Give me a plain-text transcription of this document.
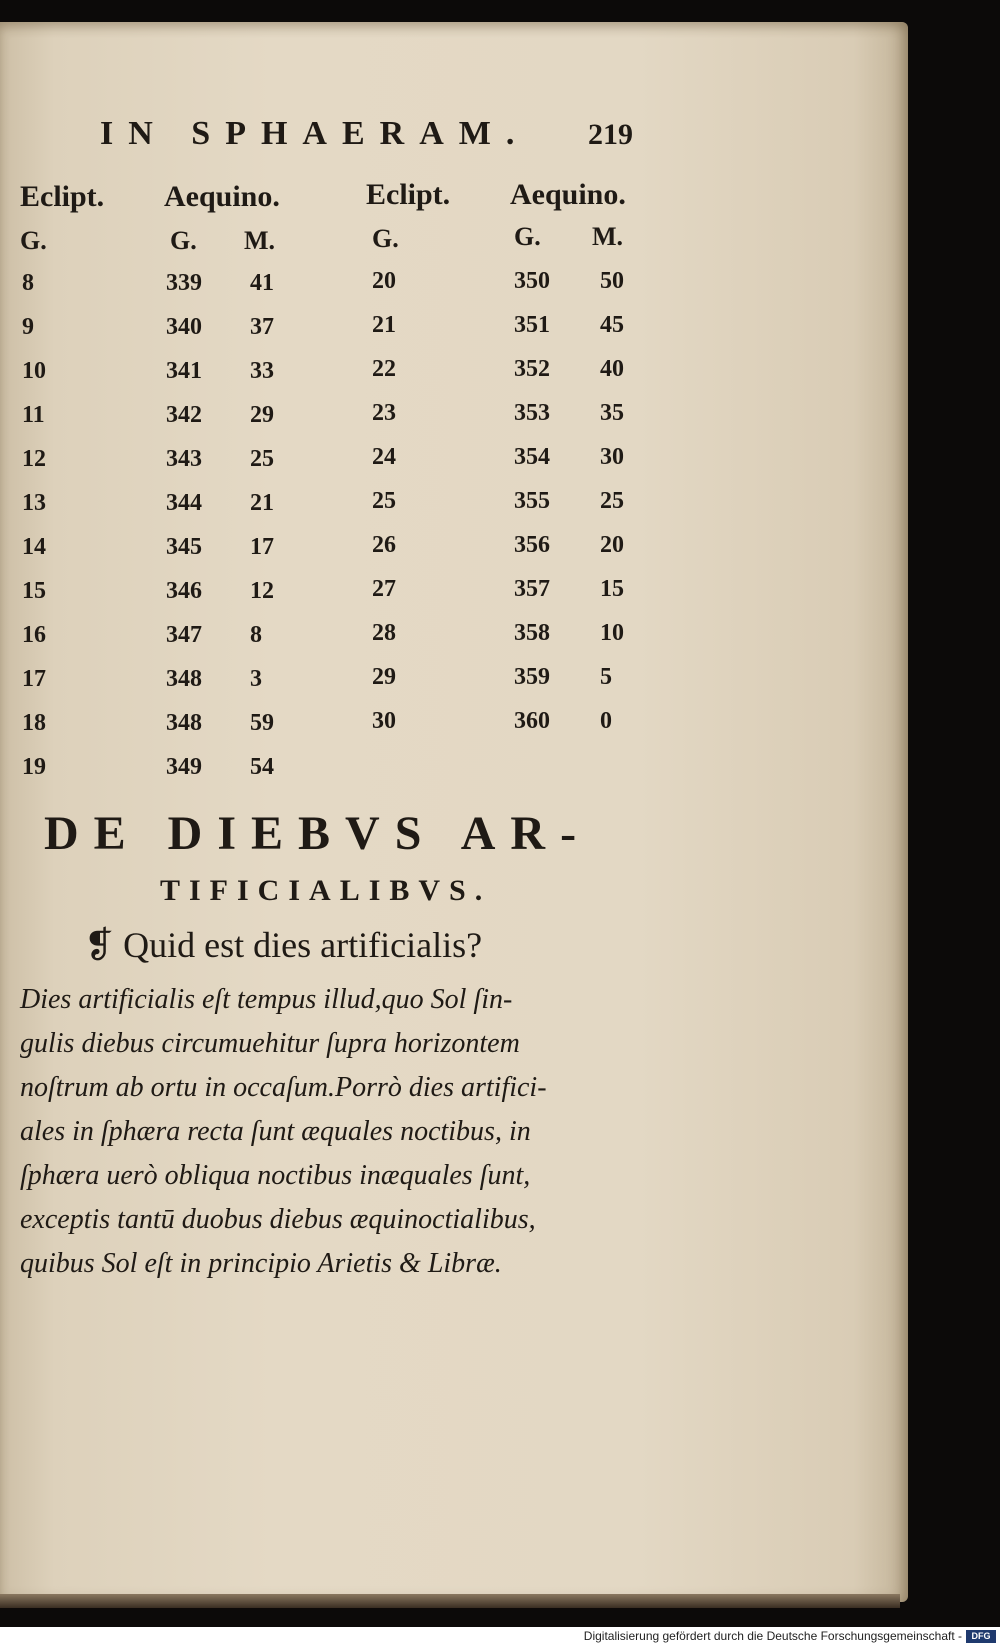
IN SPHAERAM. 219
Eclipt. Aequino.	Eclipt. Aequino.
G.	G. M.	G.	G. M.
8	339 41
9	340 37
10	341 33
11	342 29
12	343 25
13	344 21
14	345 17
15	346 12
16	347 8
17	348 3
18	348 59
19	349 54
20	350 50
21	351 45
22	352 40
23	353 35
24	354 30
25	355 25
26	356 20
27	357 15
28	358 10
29	359 5
30	360 0
DE DIEBVS AR-
TIFICIALIBVS.
❡ Quid est dies artificialis?
Dies artificialis eſt tempus illud,quo Sol ſin-
gulis diebus circumuehitur ſupra horizontem
noſtrum ab ortu in occaſum.Porrò dies artifici-
ales in ſphæra recta ſunt æquales noctibus, in
ſphæra uerò obliqua noctibus inæquales ſunt,
exceptis tantū duobus diebus æquinoctialibus,
quibus Sol eſt in principio Arietis & Libræ.
Digitalisierung gefördert durch die Deutsche Forschungsgemeinschaft -	DFG
